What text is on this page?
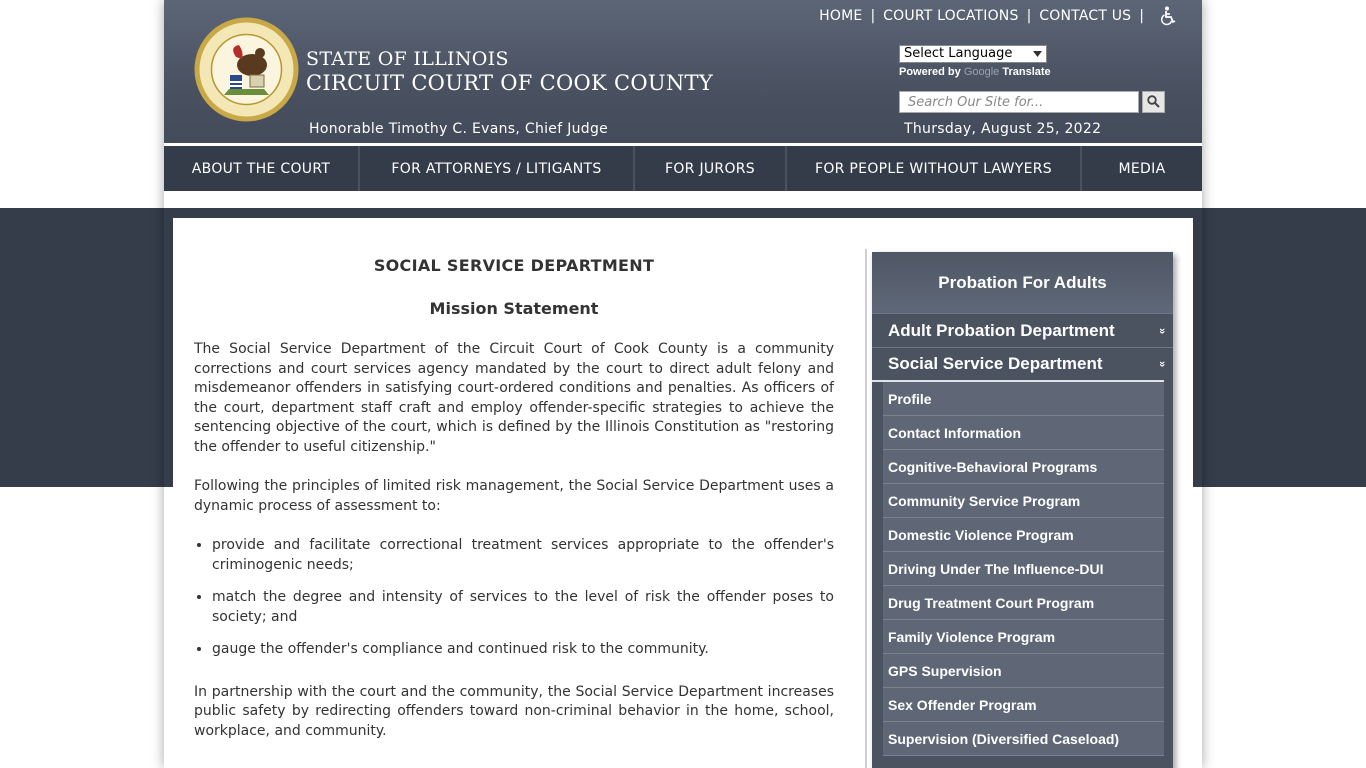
HOME | COURT LOCATIONS | CONTACT US |
STATE OF ILLINOIS
CIRCUIT COURT OF COOK COUNTY
Honorable Timothy C. Evans, Chief Judge
Select Language
Powered by Google Translate
Search Our Site for...
Thursday, August 25, 2022
ABOUT THE COURT	FOR ATTORNEYS / LITIGANTS	FOR JURORS	FOR PEOPLE WITHOUT LAWYERS	MEDIA
SOCIAL SERVICE DEPARTMENT
Mission Statement

The Social Service Department of the Circuit Court of Cook County is a community corrections and court services agency mandated by the court to direct adult felony and misdemeanor offenders in satisfying court-ordered conditions and penalties. As officers of the court, department staff craft and employ offender-specific strategies to achieve the sentencing objective of the court, which is defined by the Illinois Constitution as "restoring the offender to useful citizenship."

Following the principles of limited risk management, the Social Service Department uses a dynamic process of assessment to:

• provide and facilitate correctional treatment services appropriate to the offender's criminogenic needs;
• match the degree and intensity of services to the level of risk the offender poses to society; and
• gauge the offender's compliance and continued risk to the community.

In partnership with the court and the community, the Social Service Department increases public safety by redirecting offenders toward non-criminal behavior in the home, school, workplace, and community.

Probation For Adults
Adult Probation Department	»
Social Service Department	»
Profile
Contact Information
Cognitive-Behavioral Programs
Community Service Program
Domestic Violence Program
Driving Under The Influence-DUI
Drug Treatment Court Program
Family Violence Program
GPS Supervision
Sex Offender Program
Supervision (Diversified Caseload)
